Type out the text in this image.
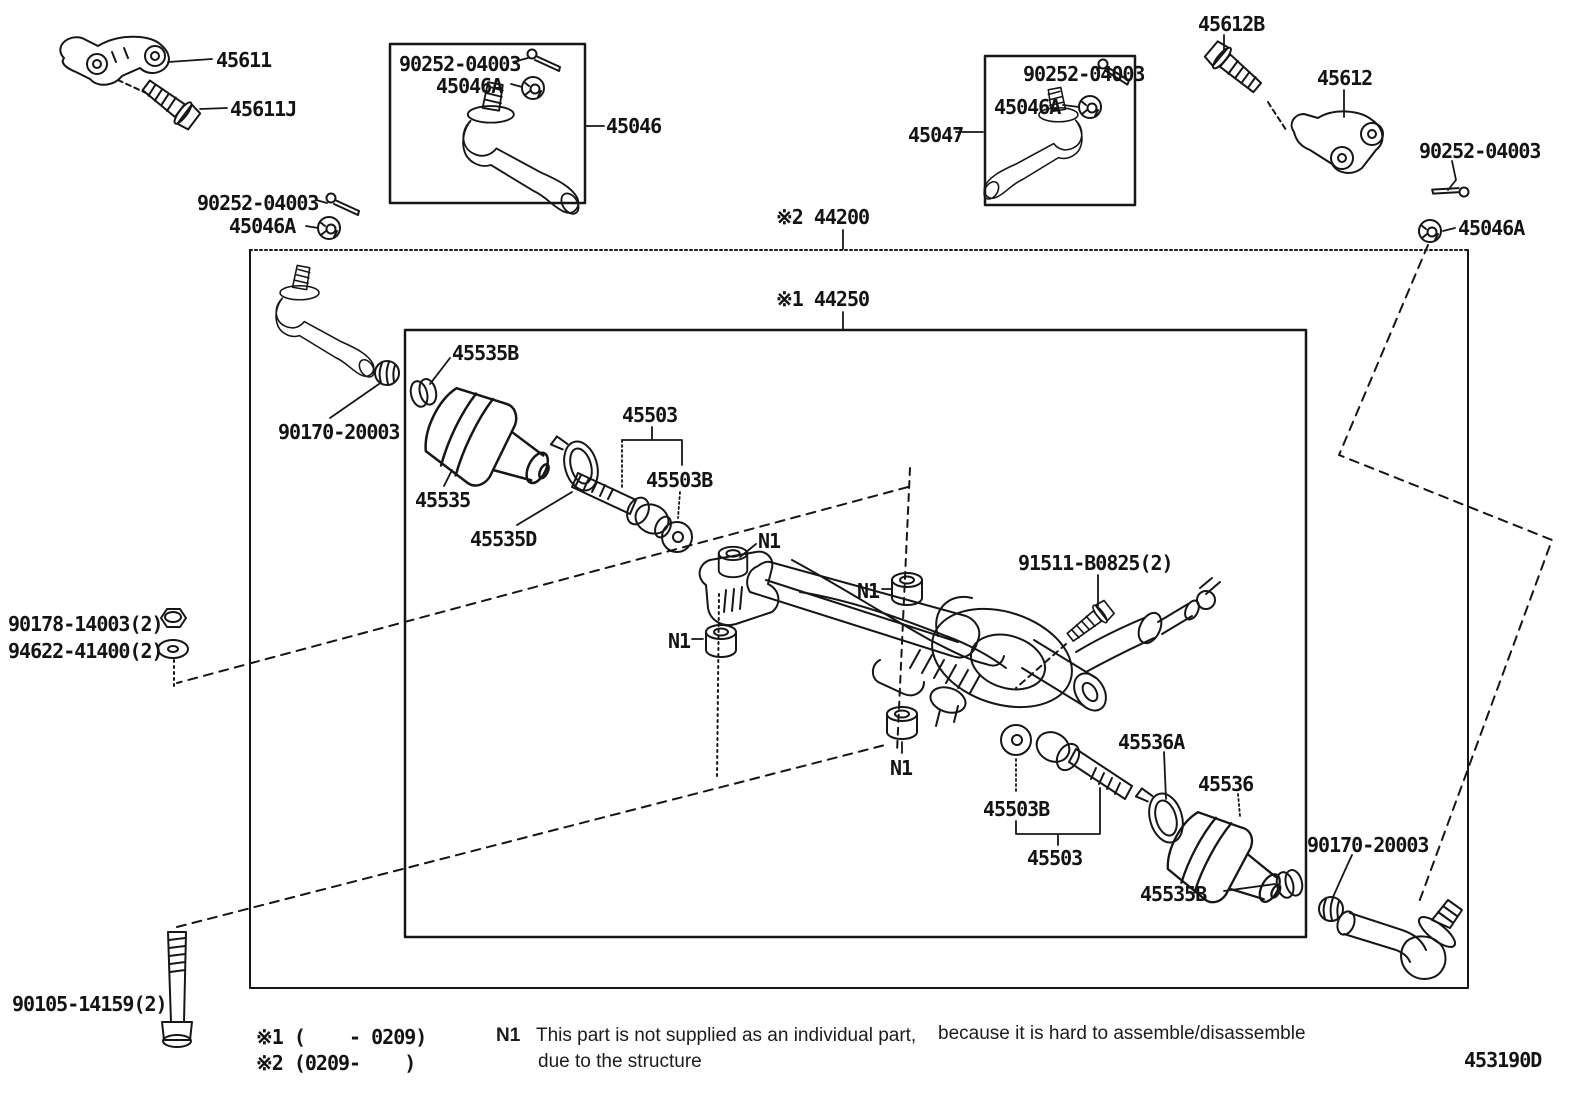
45611
45611J
90252-04003
45046A
45046
90252-04003
45046A
45047
90252-04003
45046A
45612B
45612
90252-04003
45046A
※2 44200
※1 44250
45535B
90170-20003
45535
45535D
45503
45503B
N1
N1
91511-B0825(2)
N1
N1
45536A
45536
45503B
45503
45535B
90170-20003
90178-14003(2)
94622-41400(2)
90105-14159(2)
※1 (    - 0209)
※2 (0209-    )
N1 This part is not supplied as an individual part, because it is hard to assemble/disassemble
due to the structure	453190D
